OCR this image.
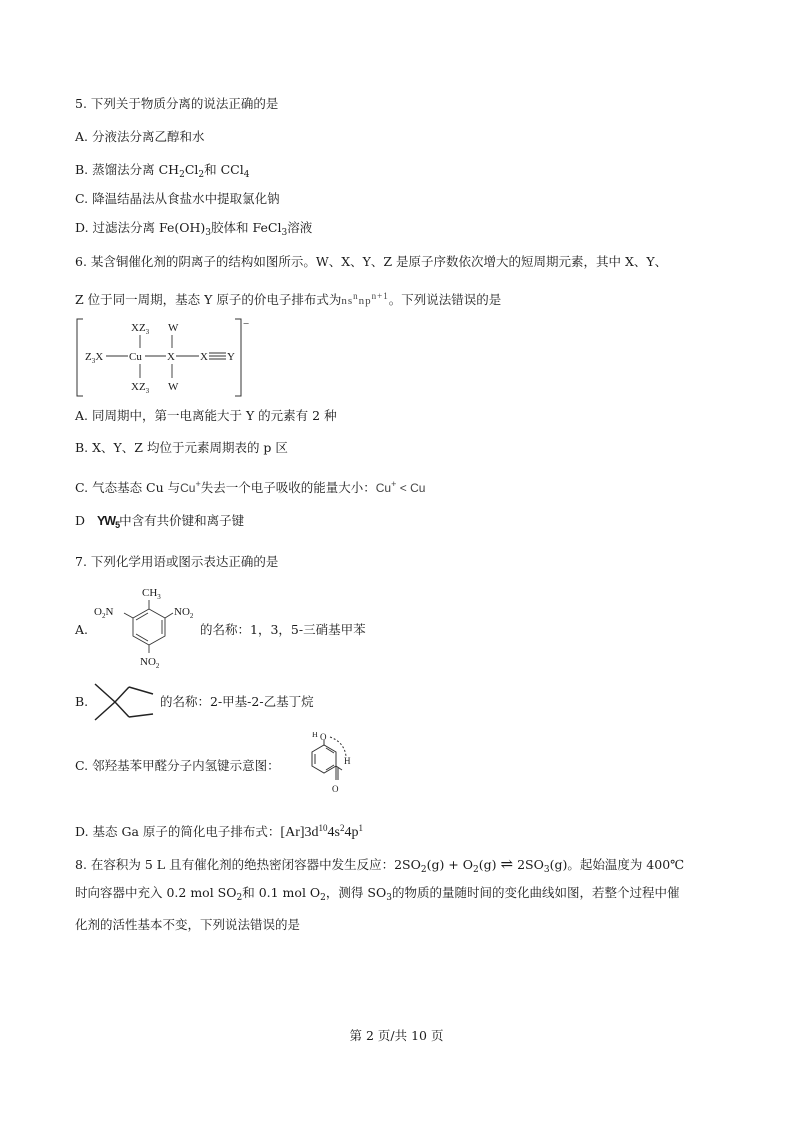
5. 下列关于物质分离的说法正确的是
A. 分液法分离乙醇和水
B. 蒸馏法分离 $CH_2Cl_2$和 CCl$_4$
C. 降温结晶法从食盐水中提取氯化钠
D. 过滤法分离 $Fe(OH)_3$胶体和 FeCl$_3$溶液
6. 某含铜催化剂的阴离子的结构如图所示。W、X、Y、Z 是原子序数依次增大的短周期元素，其中 X、Y、
Z 位于同一周期，基态 Y 原子的价电子排布式为$ns^nnp^{n+1}$。下列说法错误的是
−
$XZ_3$ W
$Z_3X$ Cu X X Y
$XZ_3$ W
A. 同周期中，第一电离能大于 Y 的元素有 2 种
B. X、Y、Z 均位于元素周期表的 p 区
C. 气态基态 Cu 与Cu+失去一个电子吸收的能量大小：Cu+ < Cu
D $YW_5$中含有共价键和离子键
7. 下列化学用语或图示表达正确的是
A.
$CH_3$
$O_2N$	$NO_2$
$NO_2$
的名称：1，3，5-三硝基甲苯
B.	的名称：2-甲基-2-乙基丁烷
C. 邻羟基苯甲醛分子内氢键示意图：
O
H
H
O
D. 基态 Ga 原子的简化电子排布式：$[Ar]3d^{10}4s^24p^1$
8. 在容积为 5 L 且有催化剂的绝热密闭容器中发生反应：$2SO_2(g) + O_2(g)$ ⇌ $2SO_3(g)$。起始温度为 400℃
时向容器中充入 0.2 mol $SO_2$和 0.1 mol $O_2$，测得 $SO_3$的物质的量随时间的变化曲线如图，若整个过程中催
化剂的活性基本不变，下列说法错误的是
第 2 页/共 10 页
